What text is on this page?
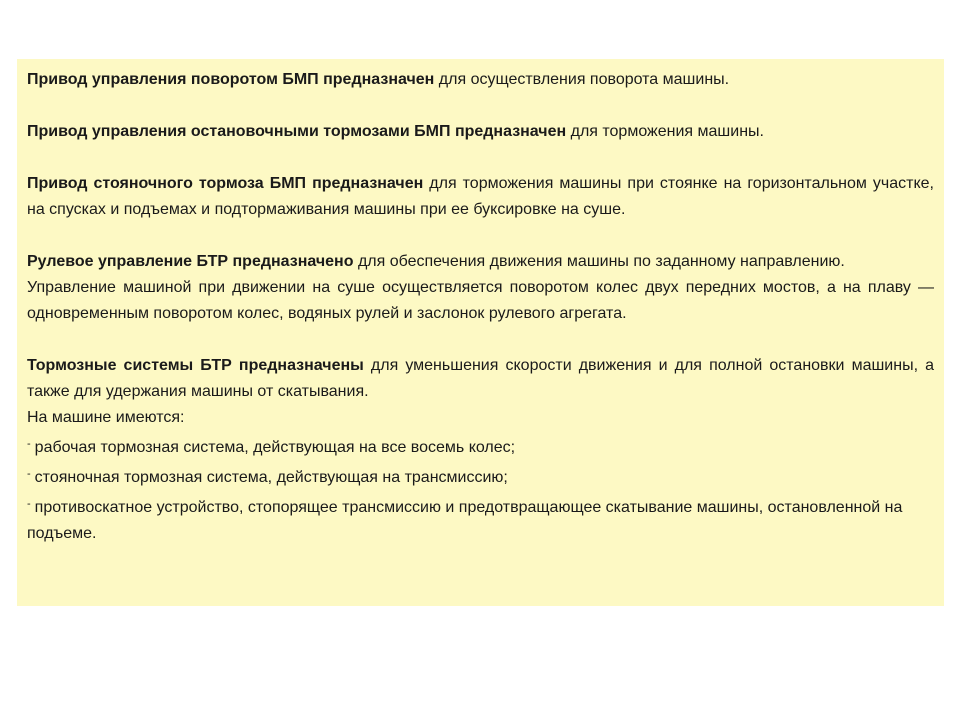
Привод управления поворотом БМП предназначен для осуществления поворота машины.

Привод управления остановочными тормозами БМП предназначен для торможения машины.

Привод стояночного тормоза БМП предназначен для торможения машины при стоянке на горизонтальном участке, на спусках и подъемах и подтормаживания машины при ее буксировке на суше.

Рулевое управление БТР предназначено для обеспечения движения машины по заданному направлению.

Управление машиной при движении на суше осуществляется поворотом колес двух передних мостов, а на плаву — одновременным поворотом колес, водяных рулей и заслонок рулевого агрегата.

Тормозные системы БТР предназначены для уменьшения скорости движения и для полной остановки машины, а также для удержания машины от скатывания.

На машине имеются:

- рабочая тормозная система, действующая на все восемь колес;

- стояночная тормозная система, действующая на трансмиссию;

- противоскатное устройство, стопорящее трансмиссию и предотвращающее скатывание машины, остановленной на подъеме.
